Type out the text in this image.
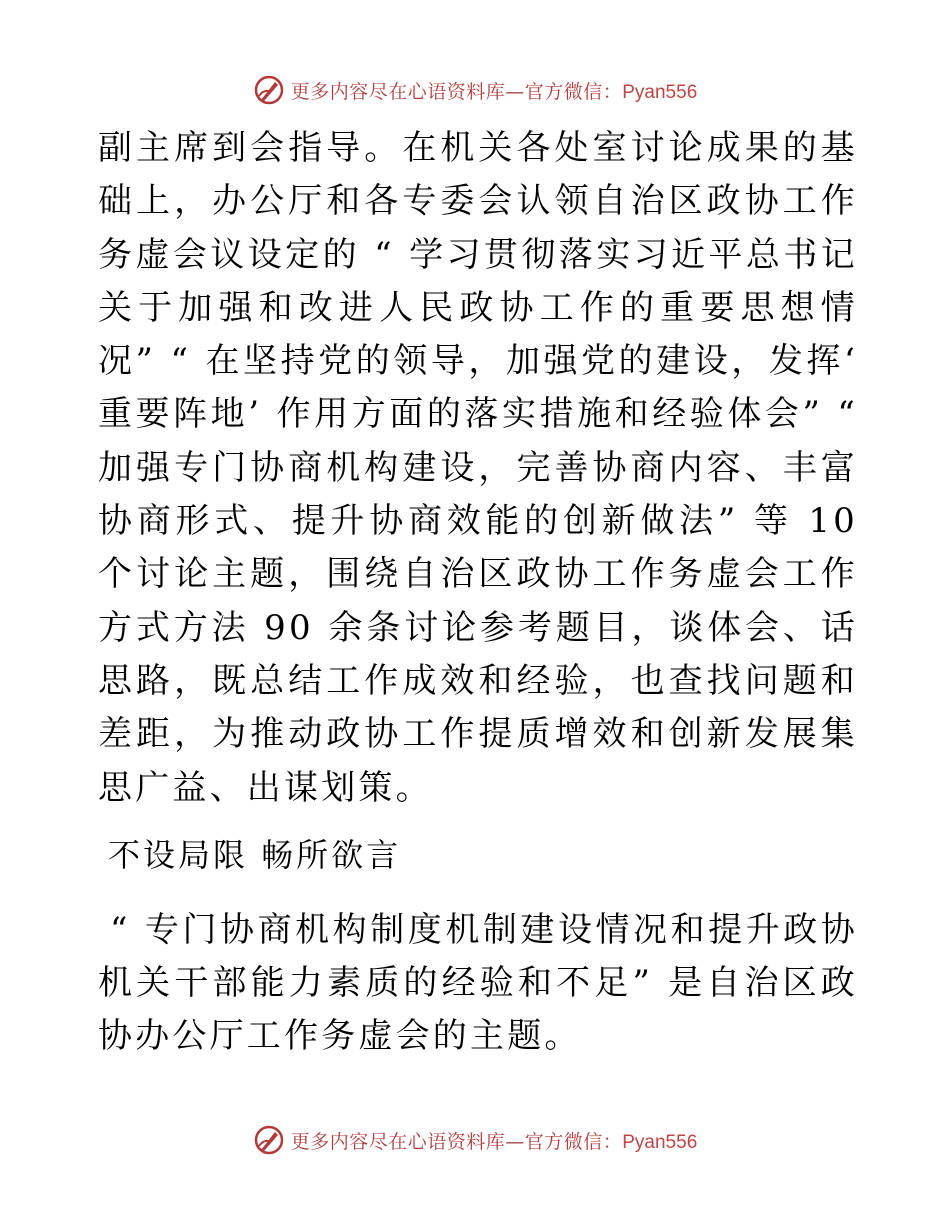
更多内容尽在心语资料库—官方微信：Pyan556

副主席到会指导。在机关各处室讨论成果的基础上，办公厅和各专委会认领自治区政协工作务虚会议设定的 “ 学习贯彻落实习近平总书记关于加强和改进人民政协工作的重要思想情况” “ 在坚持党的领导，加强党的建设，发挥‘ 重要阵地’ 作用方面的落实措施和经验体会” “ 加强专门协商机构建设，完善协商内容、丰富协商形式、提升协商效能的创新做法” 等 10 个讨论主题，围绕自治区政协工作务虚会工作方式方法 90 余条讨论参考题目，谈体会、话思路，既总结工作成效和经验，也查找问题和差距，为推动政协工作提质增效和创新发展集思广益、出谋划策。

不设局限 畅所欲言

“ 专门协商机构制度机制建设情况和提升政协机关干部能力素质的经验和不足” 是自治区政协办公厅工作务虚会的主题。

更多内容尽在心语资料库—官方微信：Pyan556
